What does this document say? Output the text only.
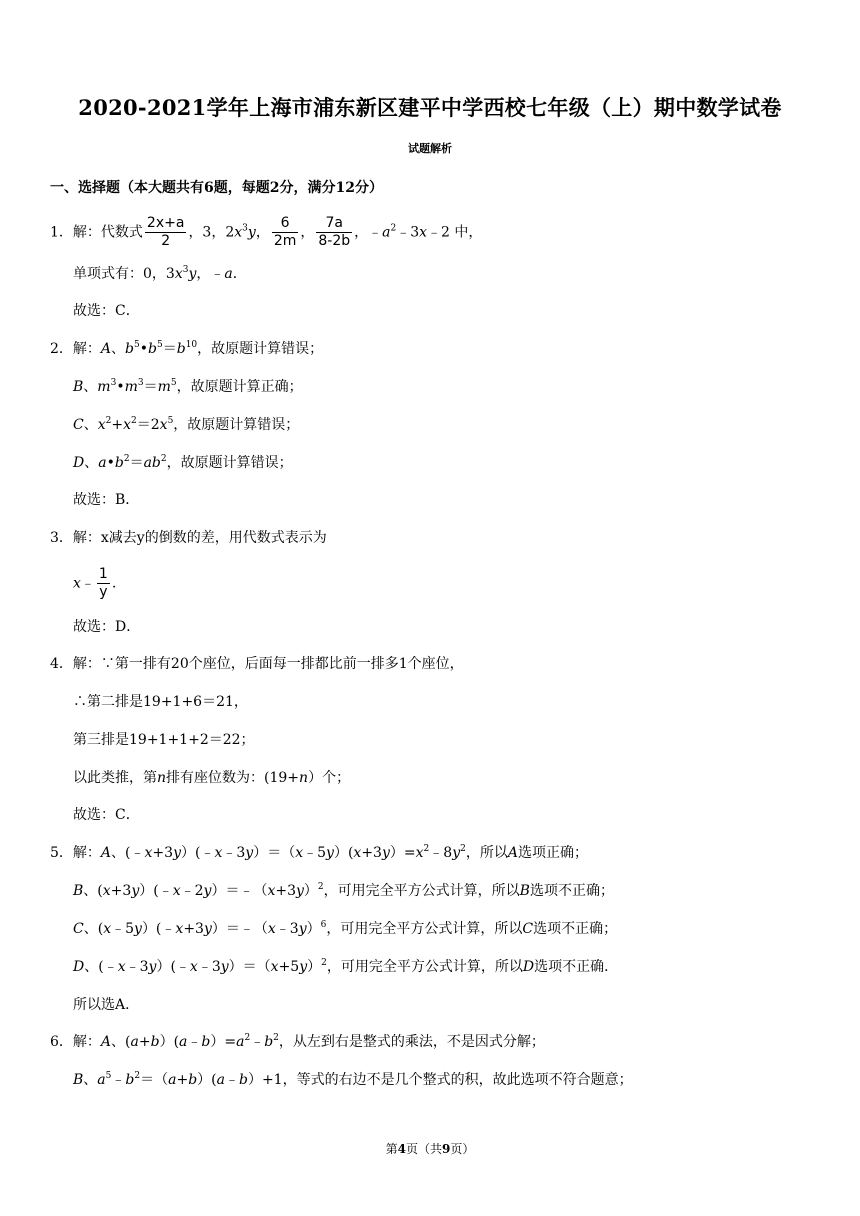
2020-2021学年上海市浦东新区建平中学西校七年级（上）期中数学试卷
试题解析
一、选择题（本大题共有6题，每题2分，满分12分）
1．解：代数式 $\frac{2x+a}{2}$ ，3，$2x^3y$， $\frac{6}{2m}$ ， $\frac{7a}{8-2b}$ ，$﹣a^2﹣3x﹣2$ 中，
单项式有：0，$3x^3y$，﹣a．
故选：C．
2．解：A、$b^5•b^5=b^{10}$，故原题计算错误；
B、$m^3•m^3=m^5$，故原题计算正确；
C、$x^2+x^2=2x^5$，故原题计算错误；
D、$a•b^2=ab^2$，故原题计算错误；
故选：B．
3．解：x减去y的倒数的差，用代数式表示为
x﹣ $\frac{1}{y}$ .
故选：D．
4．解：∵第一排有20个座位，后面每一排都比前一排多1个座位，
∴第二排是19+1+6＝21，
第三排是19+1+1+2＝22；
以此类推，第n排有座位数为：(19+n）个；
故选：C．
5．解：A、$(﹣x+3y)(﹣x﹣3y)=(x﹣5y)(x+3y)=x^2﹣8y^2$，所以A选项正确；
B、$(x+3y)(﹣x﹣2y)=﹣(x+3y)^2$，可用完全平方公式计算，所以B选项不正确；
C、(x﹣5y）(﹣x+3y）＝﹣（x﹣3y）$^6$，可用完全平方公式计算，所以C选项不正确；
D、$(﹣x﹣3y)(﹣x﹣3y)=(x+5y)^2$，可用完全平方公式计算，所以D选项不正确．
所以选A．
6．解：A、$(a+b)(a﹣b)=a^2﹣b^2$，从左到右是整式的乘法，不是因式分解；
B、$a^5﹣b^2=(a+b)(a﹣b)+1$，等式的右边不是几个整式的积，故此选项不符合题意；
第4页（共9页）
